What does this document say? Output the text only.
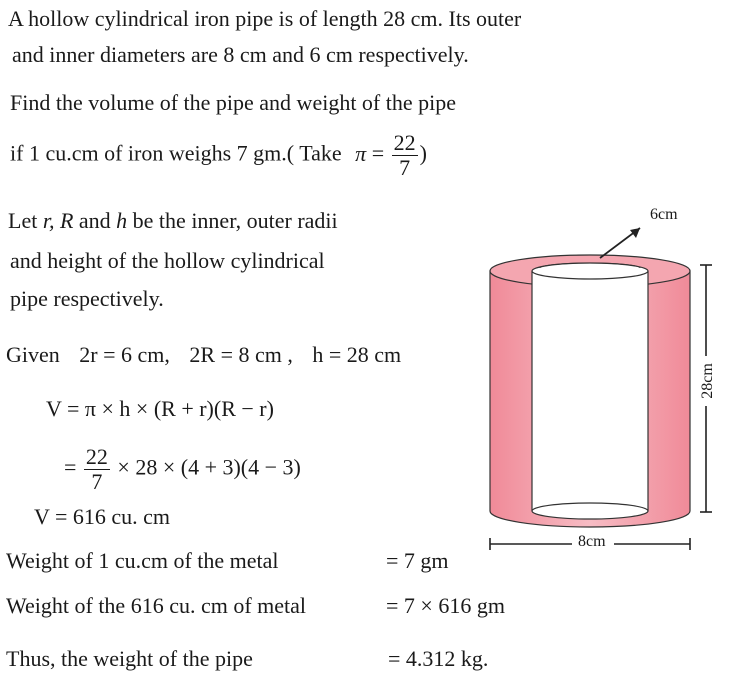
A hollow cylindrical iron pipe is of length 28 cm. Its outer
and inner diameters are 8 cm and 6 cm respectively.
Find the volume of the pipe and weight of the pipe
if 1 cu.cm of iron weighs 7 gm.( Take $\pi = \frac{22}{7}$ )
Let r, R and h be the inner, outer radii
and height of the hollow cylindrical
pipe respectively.
Given 2r = 6 cm, 2R = 8 cm , h = 28 cm
V = π × h × (R + r)(R − r)
= $\frac{22}{7} \times 28 \times (4 + 3)(4 - 3)$
V = 616 cu. cm
Weight of 1 cu.cm of the metal	= 7 gm
Weight of the 616 cu. cm of metal	= 7 × 616 gm
Thus, the weight of the pipe	= 4.312 kg.
6cm
8cm
28cm
